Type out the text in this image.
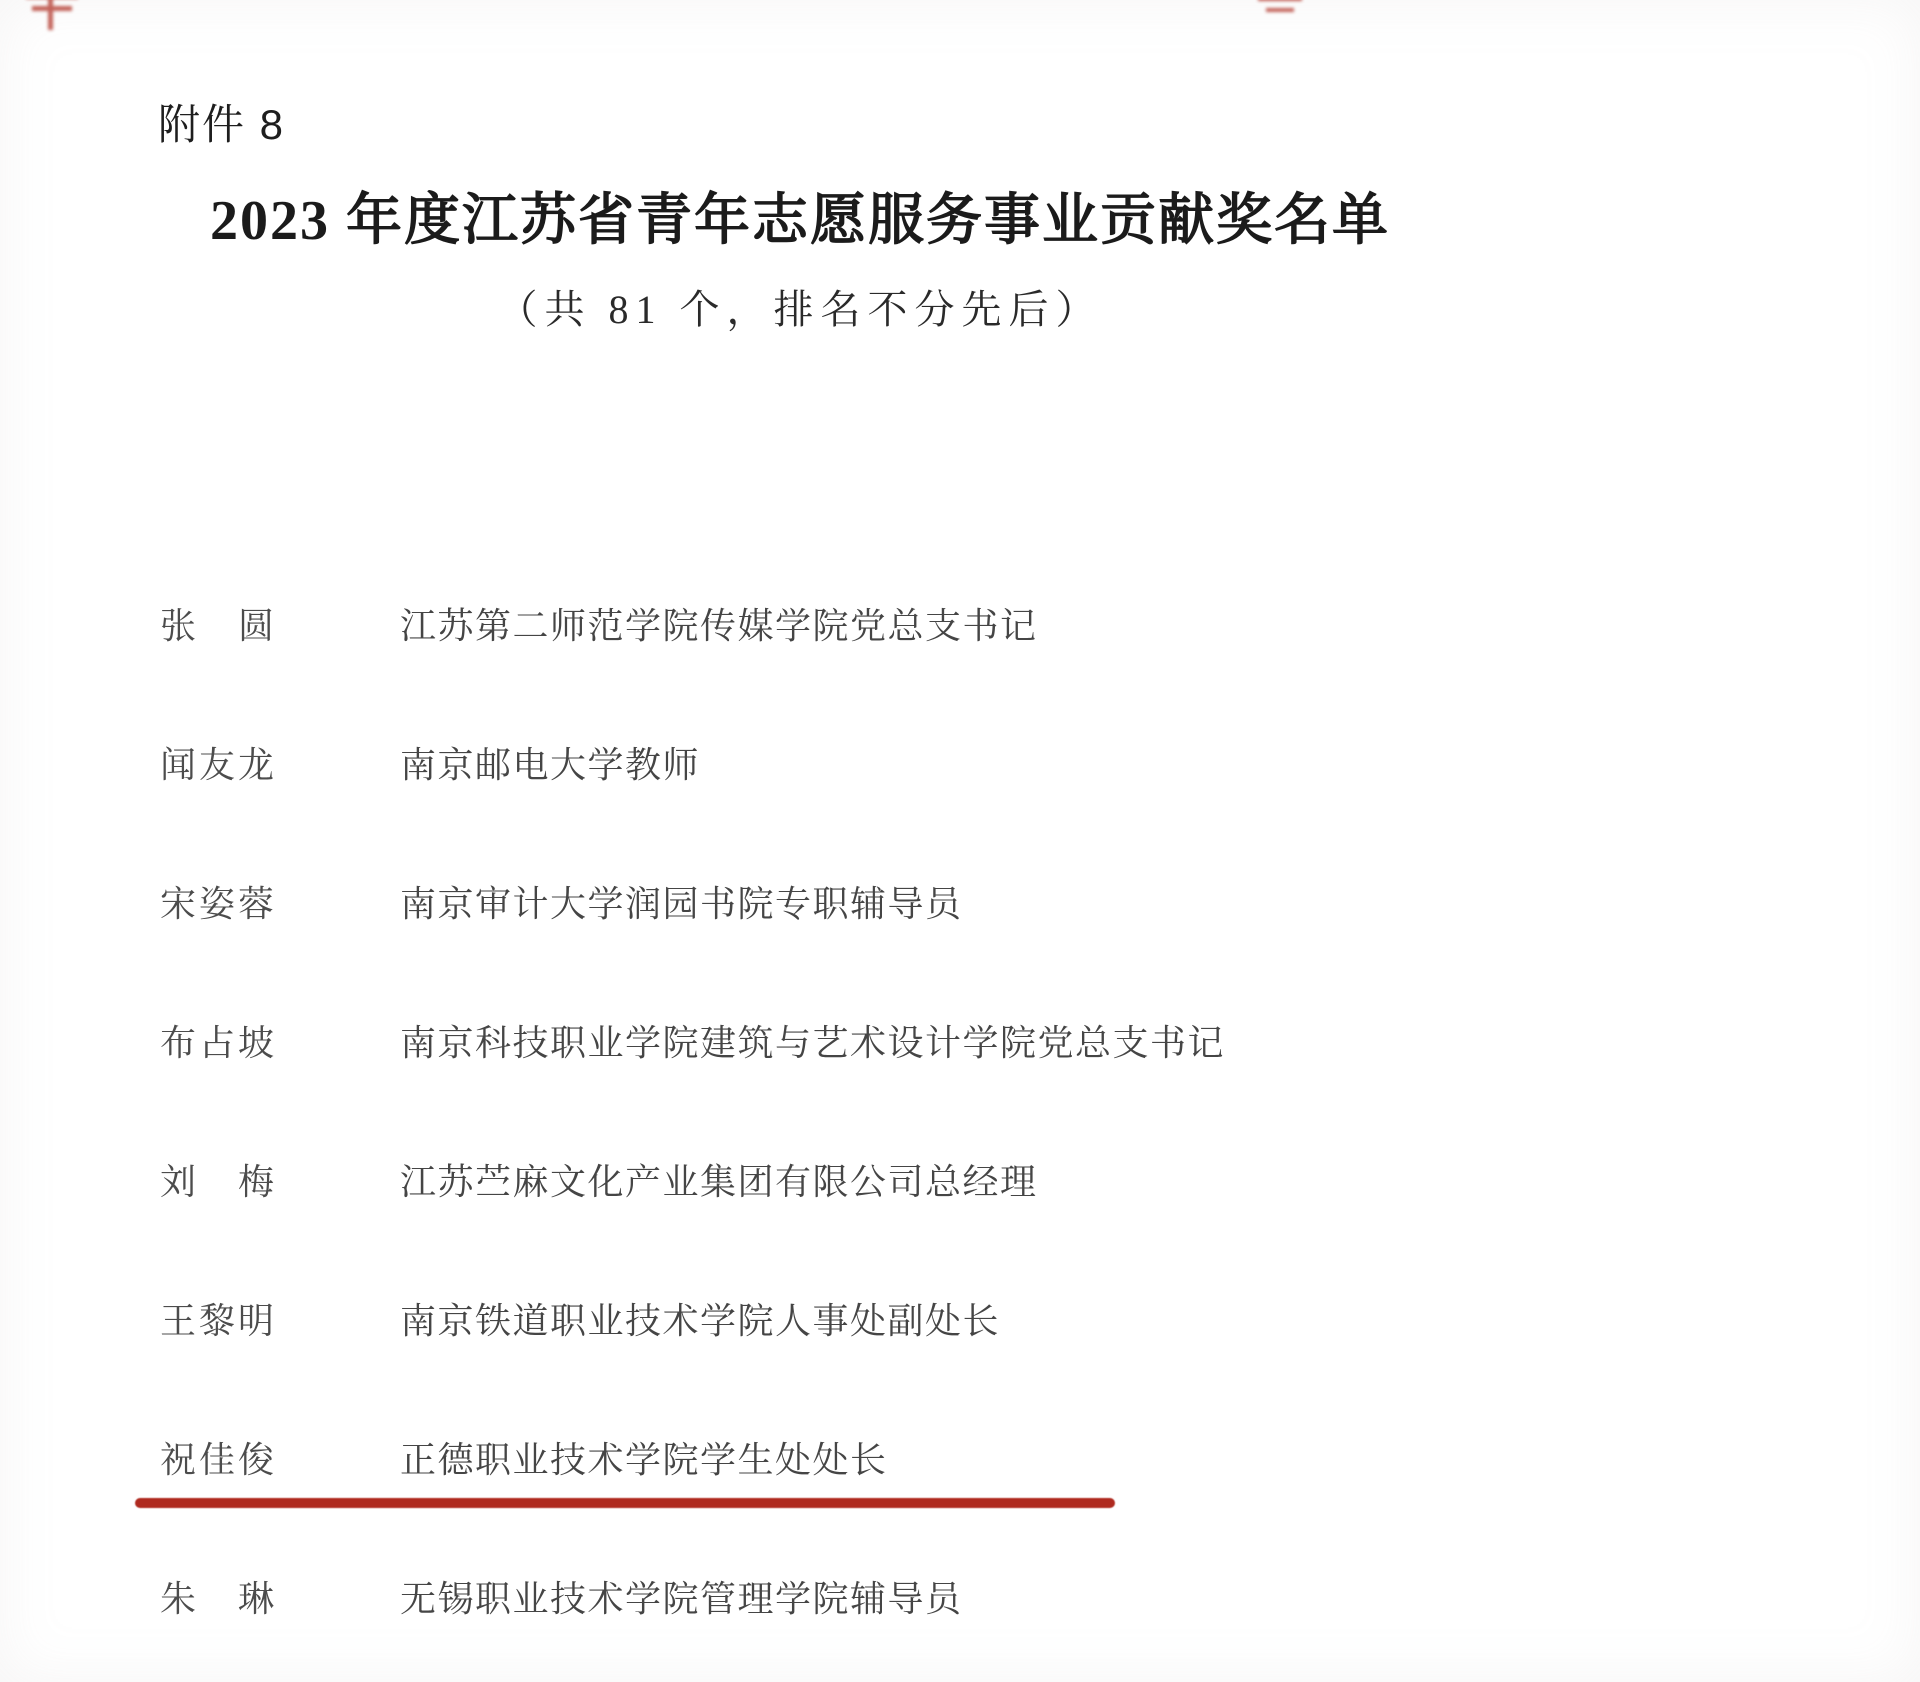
附件 8
2023 年度江苏省青年志愿服务事业贡献奖名单
（共 81 个，排名不分先后）
张　圆	江苏第二师范学院传媒学院党总支书记
闻友龙	南京邮电大学教师
宋姿蓉	南京审计大学润园书院专职辅导员
布占坡	南京科技职业学院建筑与艺术设计学院党总支书记
刘　梅	江苏苎麻文化产业集团有限公司总经理
王黎明	南京铁道职业技术学院人事处副处长
祝佳俊	正德职业技术学院学生处处长
朱　琳	无锡职业技术学院管理学院辅导员
